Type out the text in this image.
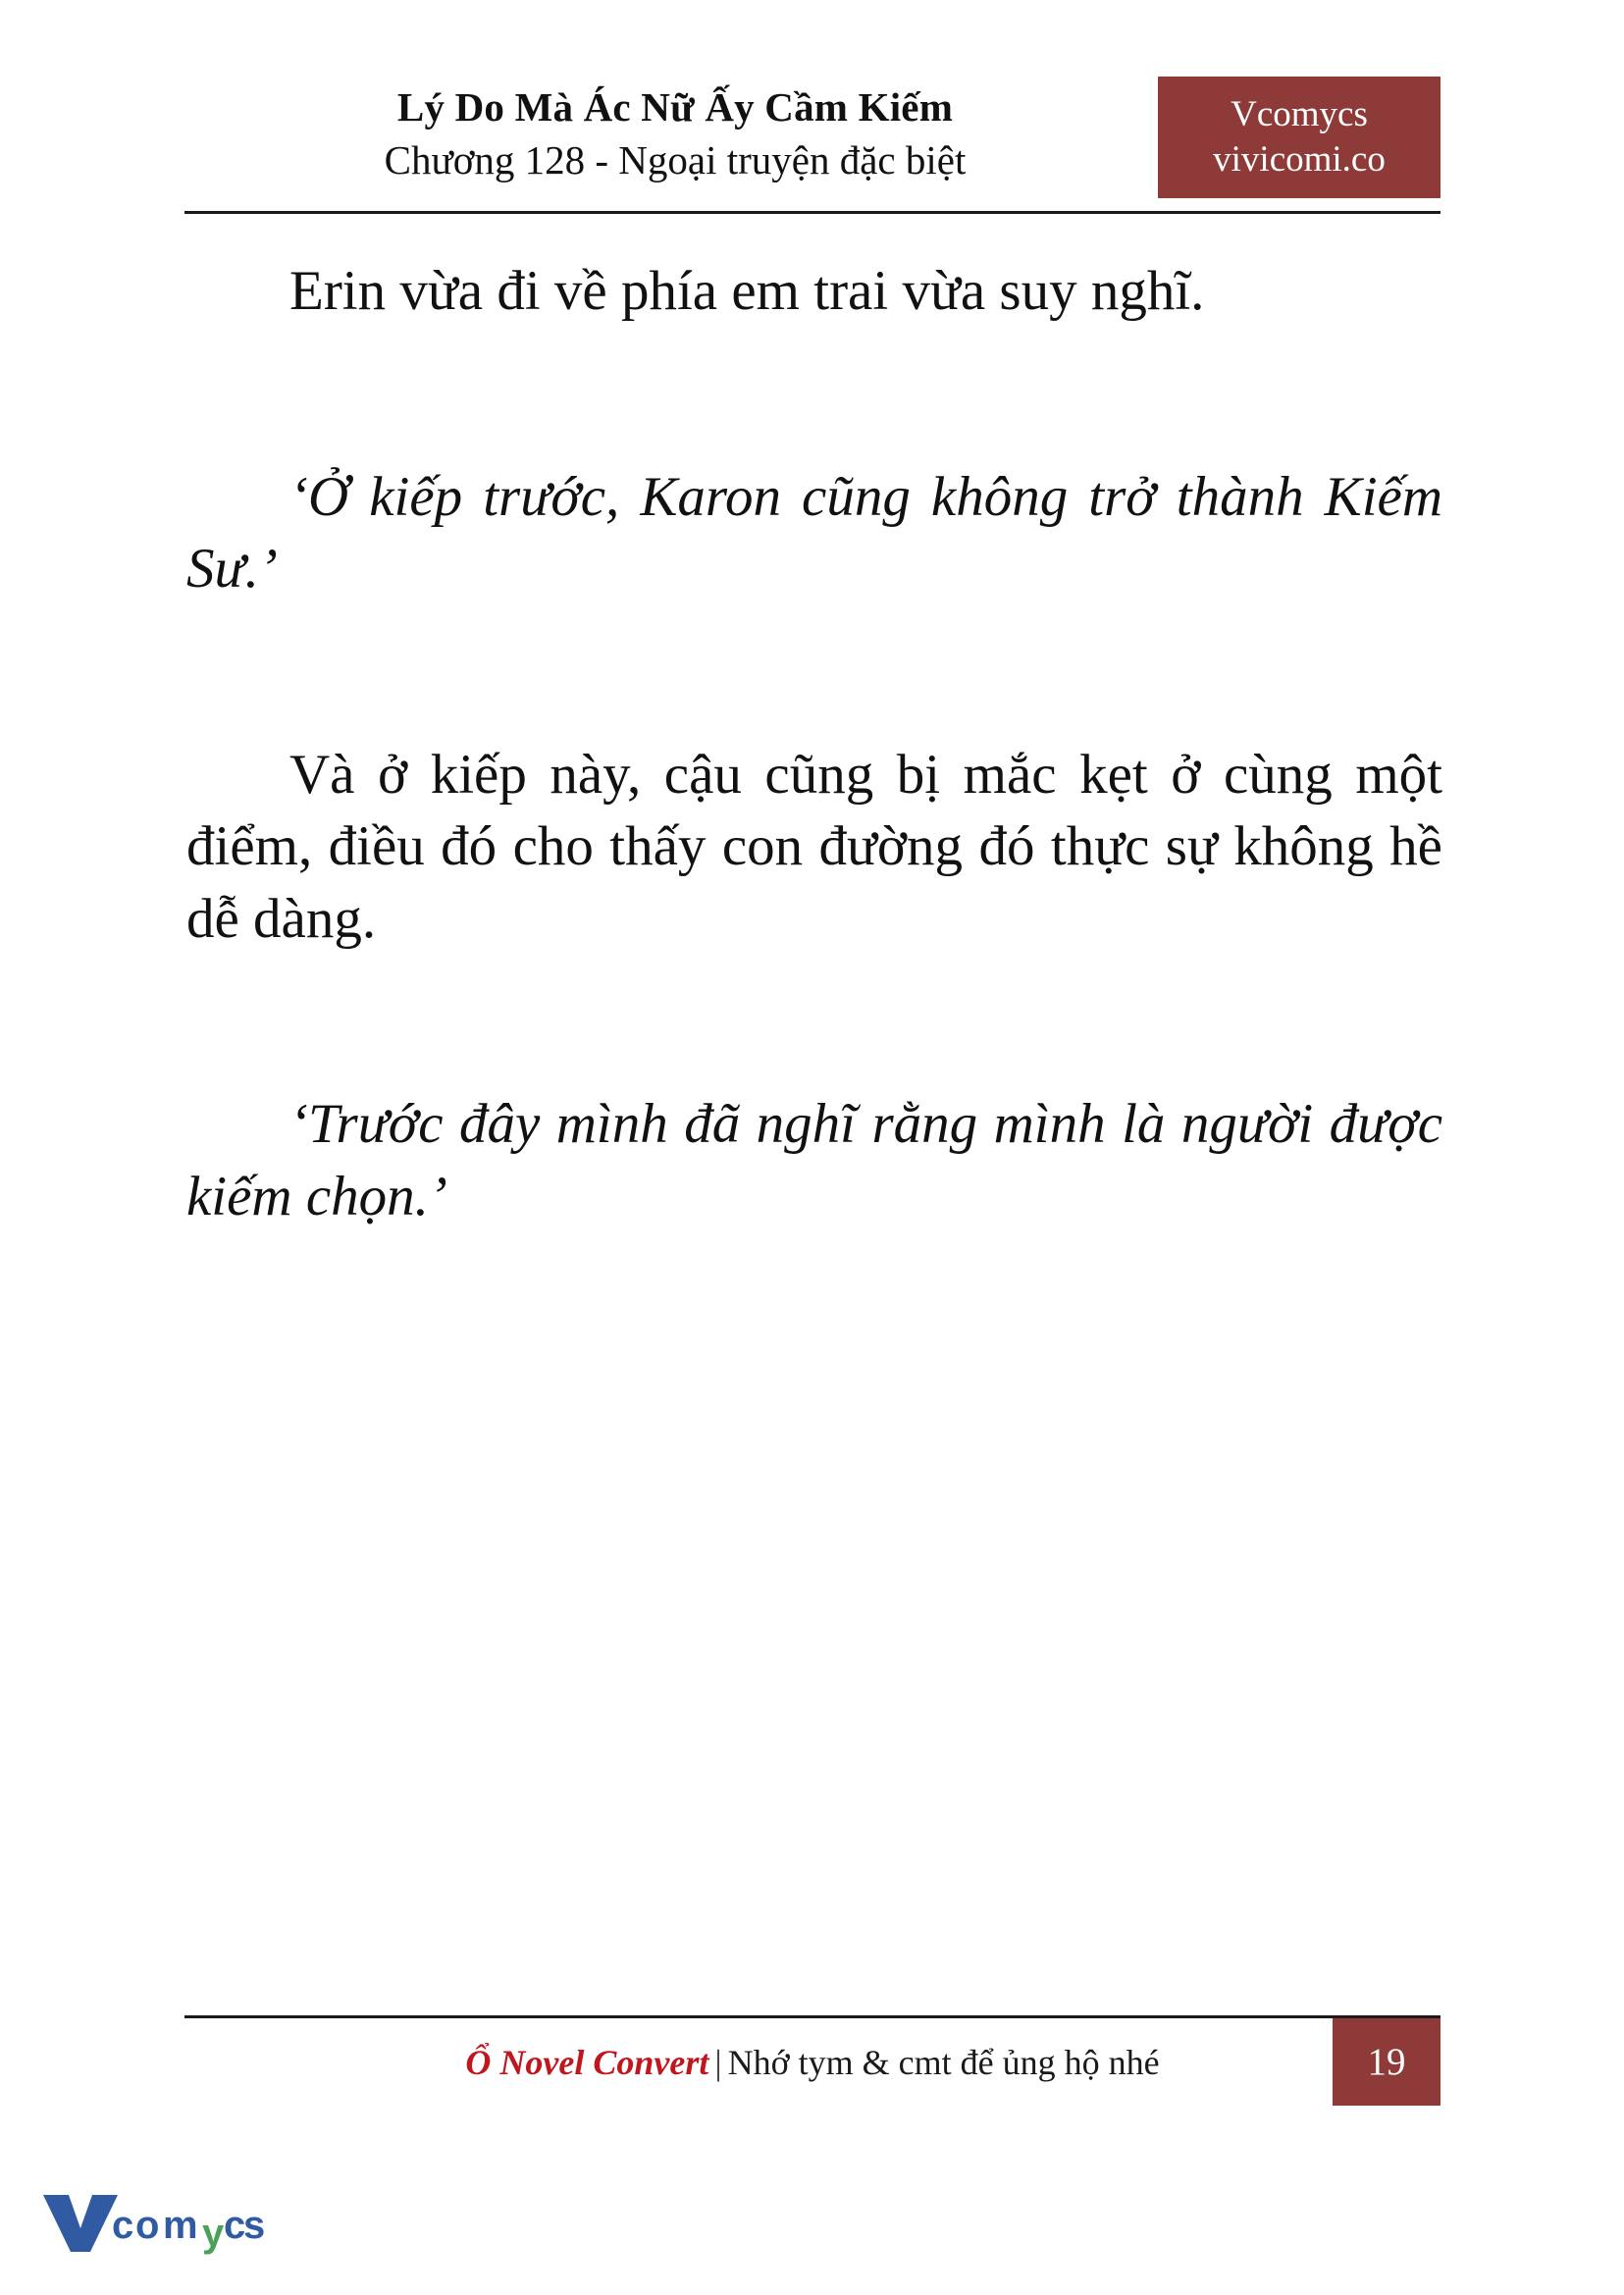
Lý Do Mà Ác Nữ Ấy Cầm Kiếm
Chương 128 - Ngoại truyện đặc biệt
Vcomycs
vivicomi.co

Erin vừa đi về phía em trai vừa suy nghĩ.

‘Ở kiếp trước, Karon cũng không trở thành Kiếm Sư.’

Và ở kiếp này, cậu cũng bị mắc kẹt ở cùng một điểm, điều đó cho thấy con đường đó thực sự không hề dễ dàng.

‘Trước đây mình đã nghĩ rằng mình là người được kiếm chọn.’

Ổ Novel Convert | Nhớ tym & cmt để ủng hộ nhé	19
c o m y c
s
